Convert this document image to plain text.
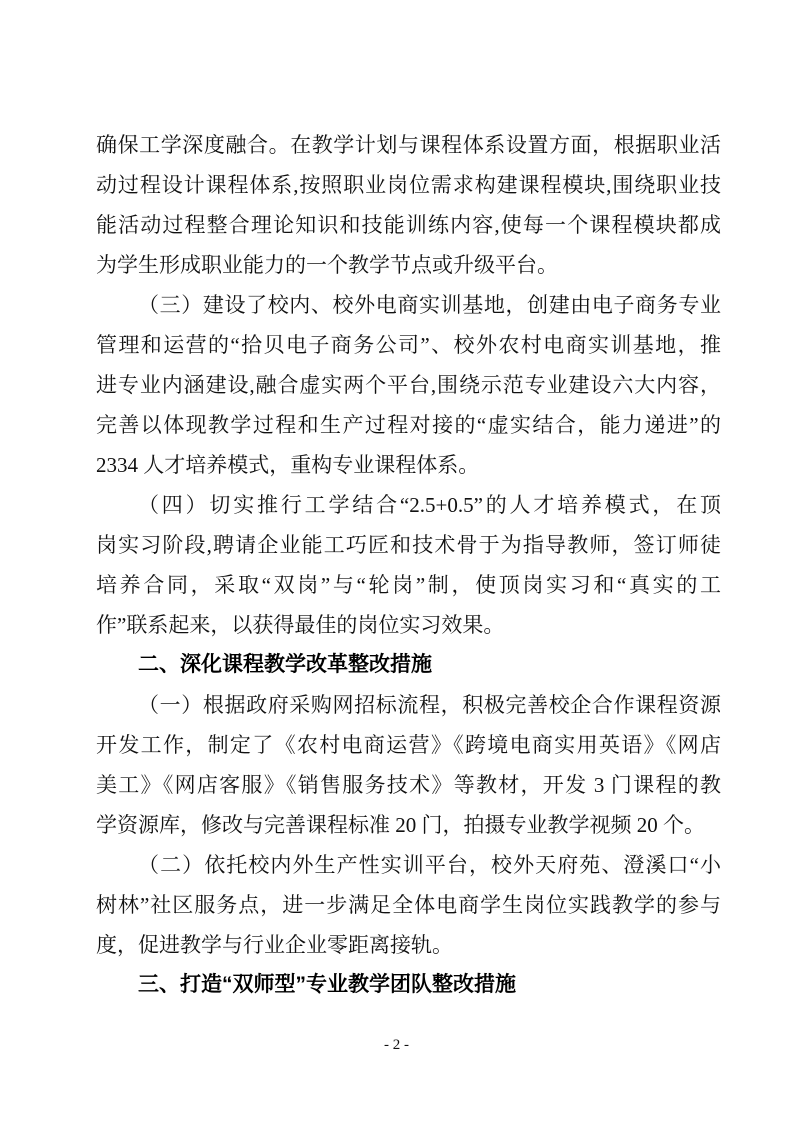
确保工学深度融合。在教学计划与课程体系设置方面，根据职业活
动过程设计课程体系,按照职业岗位需求构建课程模块,围绕职业技
能活动过程整合理论知识和技能训练内容,使每一个课程模块都成
为学生形成职业能力的一个教学节点或升级平台。
（三）建设了校内、校外电商实训基地，创建由电子商务专业
管理和运营的“拾贝电子商务公司”、校外农村电商实训基地，推
进专业内涵建设,融合虚实两个平台,围绕示范专业建设六大内容，
完善以体现教学过程和生产过程对接的“虚实结合，能力递进”的
2334 人才培养模式，重构专业课程体系。
（四）切实推行工学结合“2.5+0.5”的人才培养模式，在顶
岗实习阶段,聘请企业能工巧匠和技术骨于为指导教师，签订师徒
培养合同，采取“双岗”与“轮岗”制，使顶岗实习和“真实的工
作”联系起来，以获得最佳的岗位实习效果。
二、深化课程教学改革整改措施
（一）根据政府采购网招标流程，积极完善校企合作课程资源
开发工作，制定了《农村电商运营》《跨境电商实用英语》《网店
美工》《网店客服》《销售服务技术》等教材，开发 3 门课程的教
学资源库，修改与完善课程标准 20 门，拍摄专业教学视频 20 个。
（二）依托校内外生产性实训平台，校外天府苑、澄溪口“小
树林”社区服务点，进一步满足全体电商学生岗位实践教学的参与
度，促进教学与行业企业零距离接轨。
三、打造“双师型”专业教学团队整改措施
- 2 -
